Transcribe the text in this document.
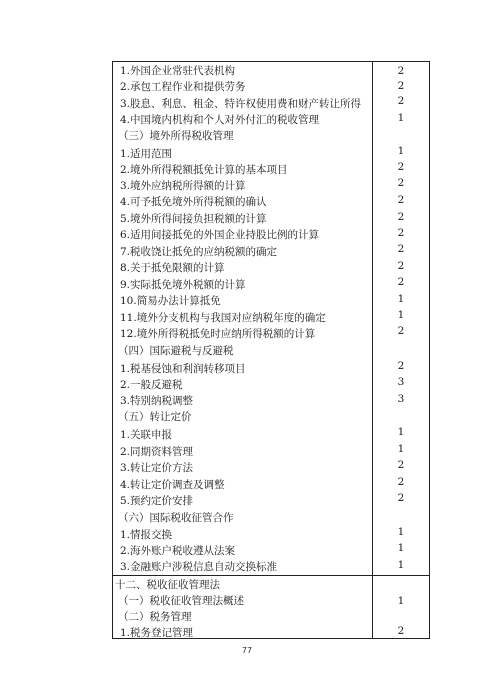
1.外国企业常驻代表机构	2
2.承包工程作业和提供劳务	2
3.股息、利息、租金、特许权使用费和财产转让所得	2
4.中国境内机构和个人对外付汇的税收管理	1
（三）境外所得税收管理
1.适用范围	1
2.境外所得税额抵免计算的基本项目	2
3.境外应纳税所得额的计算	2
4.可予抵免境外所得税额的确认	2
5.境外所得间接负担税额的计算	2
6.适用间接抵免的外国企业持股比例的计算	2
7.税收饶让抵免的应纳税额的确定	2
8.关于抵免限额的计算	2
9.实际抵免境外税额的计算	2
10.简易办法计算抵免	1
11.境外分支机构与我国对应纳税年度的确定	1
12.境外所得税抵免时应纳所得税额的计算	2
（四）国际避税与反避税
1.税基侵蚀和利润转移项目	2
2.一般反避税	3
3.特别纳税调整	3
（五）转让定价
1.关联申报	1
2.同期资料管理	1
3.转让定价方法	2
4.转让定价调查及调整	2
5.预约定价安排	2
（六）国际税收征管合作
1.情报交换	1
2.海外账户税收遵从法案	1
3.金融账户涉税信息自动交换标准	1
十二、税收征收管理法
（一）税收征收管理法概述	1
（二）税务管理
1.税务登记管理	2
77
